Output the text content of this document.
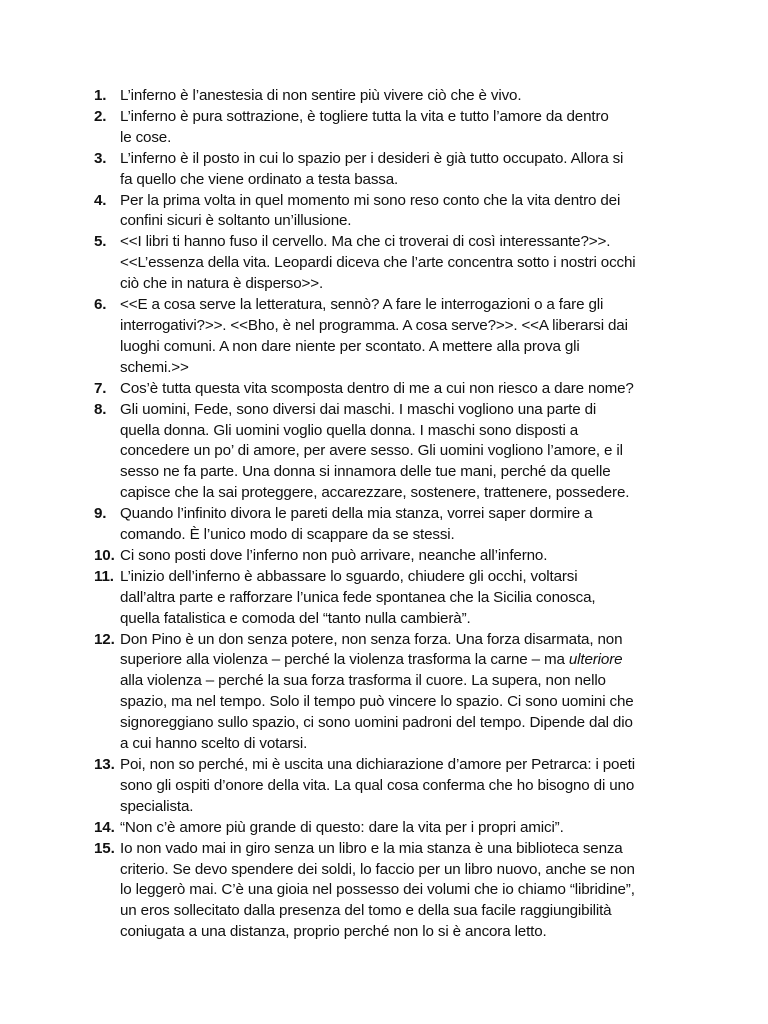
1. L’inferno è l’anestesia di non sentire più vivere ciò che è vivo.
2. L’inferno è pura sottrazione, è togliere tutta la vita e tutto l’amore da dentro
le cose.
3. L’inferno è il posto in cui lo spazio per i desideri è già tutto occupato. Allora si
fa quello che viene ordinato a testa bassa.
4. Per la prima volta in quel momento mi sono reso conto che la vita dentro dei
confini sicuri è soltanto un’illusione.
5. <<I libri ti hanno fuso il cervello. Ma che ci troverai di così interessante?>>.
<<L’essenza della vita. Leopardi diceva che l’arte concentra sotto i nostri occhi
ciò che in natura è disperso>>.
6. <<E a cosa serve la letteratura, sennò? A fare le interrogazioni o a fare gli
interrogativi?>>. <<Bho, è nel programma. A cosa serve?>>. <<A liberarsi dai
luoghi comuni. A non dare niente per scontato. A mettere alla prova gli
schemi.>>
7. Cos’è tutta questa vita scomposta dentro di me a cui non riesco a dare nome?
8. Gli uomini, Fede, sono diversi dai maschi. I maschi vogliono una parte di
quella donna. Gli uomini voglio quella donna. I maschi sono disposti a
concedere un po’ di amore, per avere sesso. Gli uomini vogliono l’amore, e il
sesso ne fa parte. Una donna si innamora delle tue mani, perché da quelle
capisce che la sai proteggere, accarezzare, sostenere, trattenere, possedere.
9. Quando l’infinito divora le pareti della mia stanza, vorrei saper dormire a
comando. È l’unico modo di scappare da se stessi.
10. Ci sono posti dove l’inferno non può arrivare, neanche all’inferno.
11. L’inizio dell’inferno è abbassare lo sguardo, chiudere gli occhi, voltarsi
dall’altra parte e rafforzare l’unica fede spontanea che la Sicilia conosca,
quella fatalistica e comoda del “tanto nulla cambierà”.
12. Don Pino è un don senza potere, non senza forza. Una forza disarmata, non
superiore alla violenza – perché la violenza trasforma la carne – ma ulteriore
alla violenza – perché la sua forza trasforma il cuore. La supera, non nello
spazio, ma nel tempo. Solo il tempo può vincere lo spazio. Ci sono uomini che
signoreggiano sullo spazio, ci sono uomini padroni del tempo. Dipende dal dio
a cui hanno scelto di votarsi.
13. Poi, non so perché, mi è uscita una dichiarazione d’amore per Petrarca: i poeti
sono gli ospiti d’onore della vita. La qual cosa conferma che ho bisogno di uno
specialista.
14. “Non c’è amore più grande di questo: dare la vita per i propri amici”.
15. Io non vado mai in giro senza un libro e la mia stanza è una biblioteca senza
criterio. Se devo spendere dei soldi, lo faccio per un libro nuovo, anche se non
lo leggerò mai. C’è una gioia nel possesso dei volumi che io chiamo “libridine”,
un eros sollecitato dalla presenza del tomo e della sua facile raggiungibilità
coniugata a una distanza, proprio perché non lo si è ancora letto.
